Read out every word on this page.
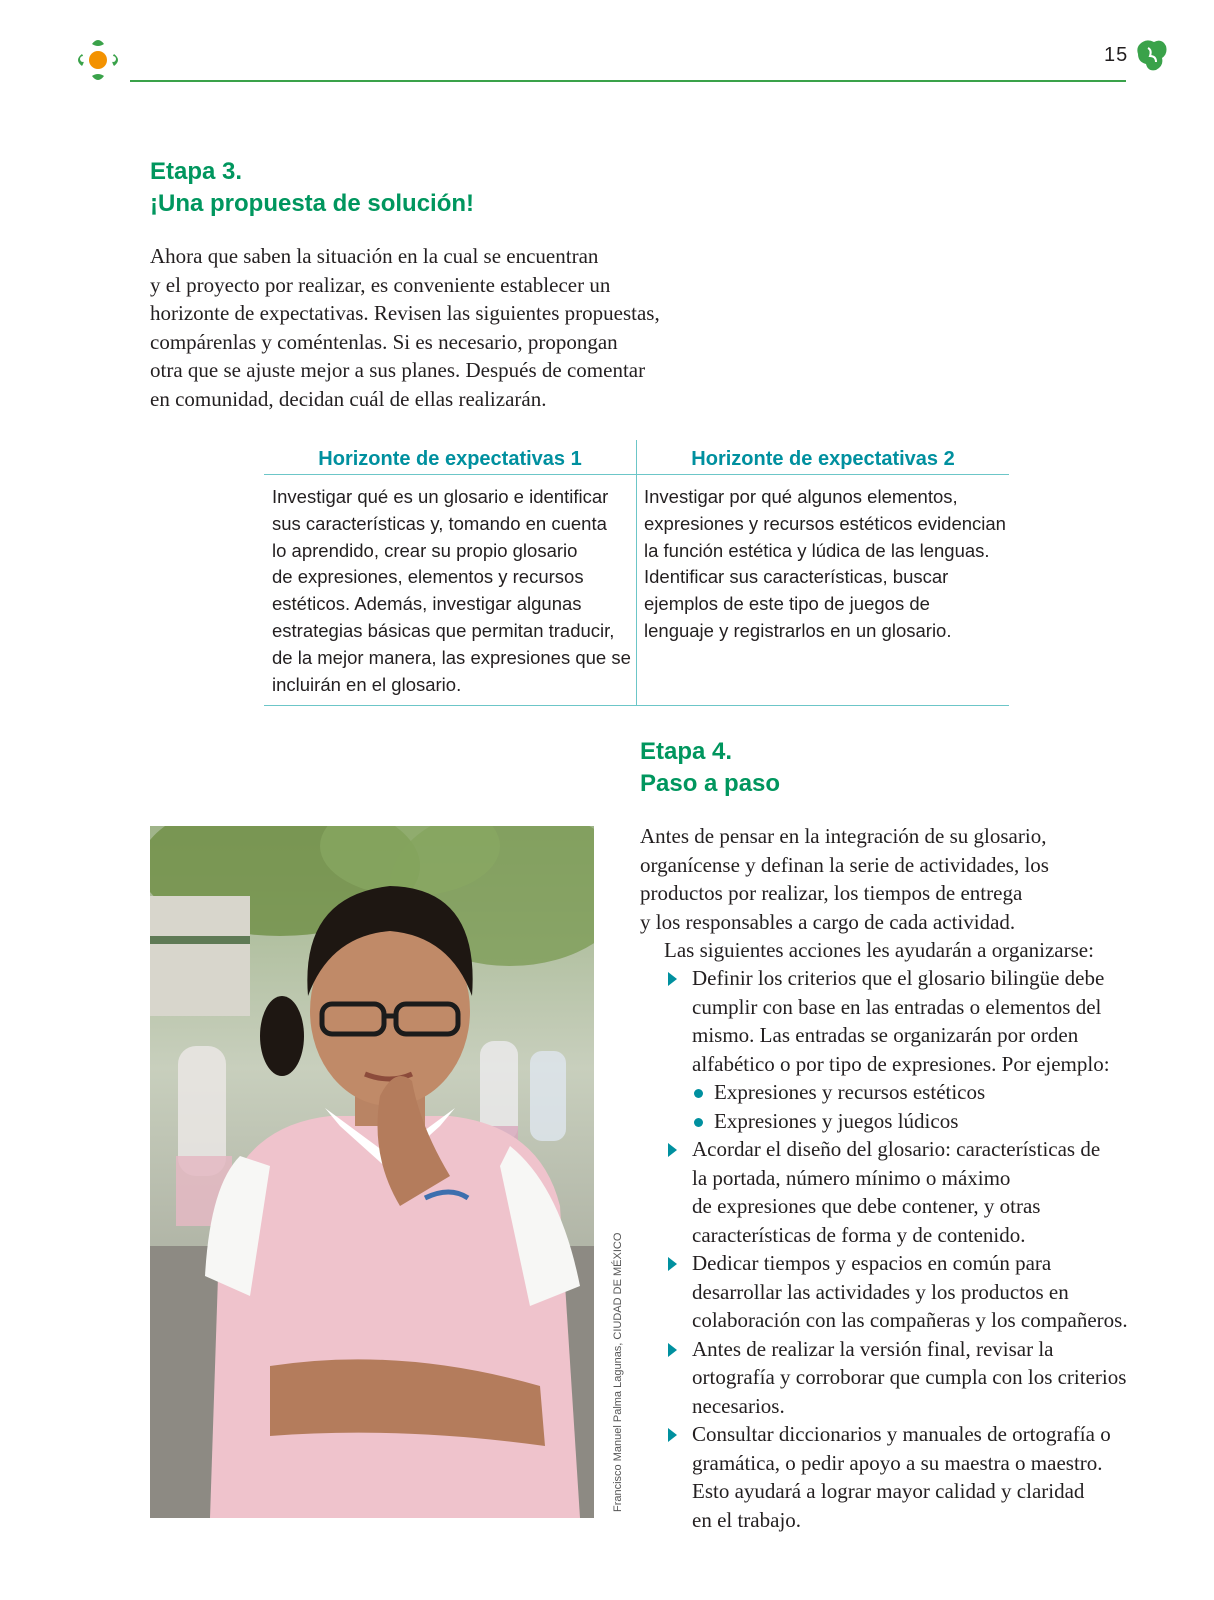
15
Etapa 3.
¡Una propuesta de solución!

Ahora que saben la situación en la cual se encuentran
y el proyecto por realizar, es conveniente establecer un
horizonte de expectativas. Revisen las siguientes propuestas,
compárenlas y coméntenlas. Si es necesario, propongan
otra que se ajuste mejor a sus planes. Después de comentar
en comunidad, decidan cuál de ellas realizarán.

Horizonte de expectativas 1	Horizonte de expectativas 2
Investigar qué es un glosario e identificar
sus características y, tomando en cuenta
lo aprendido, crear su propio glosario
de expresiones, elementos y recursos
estéticos. Además, investigar algunas
estrategias básicas que permitan traducir,
de la mejor manera, las expresiones que se
incluirán en el glosario.
Investigar por qué algunos elementos,
expresiones y recursos estéticos evidencian
la función estética y lúdica de las lenguas.
Identificar sus características, buscar
ejemplos de este tipo de juegos de
lenguaje y registrarlos en un glosario.
Etapa 4.
Paso a paso

Antes de pensar en la integración de su glosario,
organícense y definan la serie de actividades, los
productos por realizar, los tiempos de entrega
y los responsables a cargo de cada actividad.

Las siguientes acciones les ayudarán a organizarse:

Definir los criterios que el glosario bilingüe debe
cumplir con base en las entradas o elementos del
mismo. Las entradas se organizarán por orden
alfabético o por tipo de expresiones. Por ejemplo:
Expresiones y recursos estéticos
Expresiones y juegos lúdicos
Acordar el diseño del glosario: características de
la portada, número mínimo o máximo
de expresiones que debe contener, y otras
características de forma y de contenido.
Dedicar tiempos y espacios en común para
desarrollar las actividades y los productos en
colaboración con las compañeras y los compañeros.
Antes de realizar la versión final, revisar la
ortografía y corroborar que cumpla con los criterios
necesarios.
Consultar diccionarios y manuales de ortografía o
gramática, o pedir apoyo a su maestra o maestro.
Esto ayudará a lograr mayor calidad y claridad
en el trabajo.
Francisco Manuel Palma Lagunas, CIUDAD DE MÉXICO
